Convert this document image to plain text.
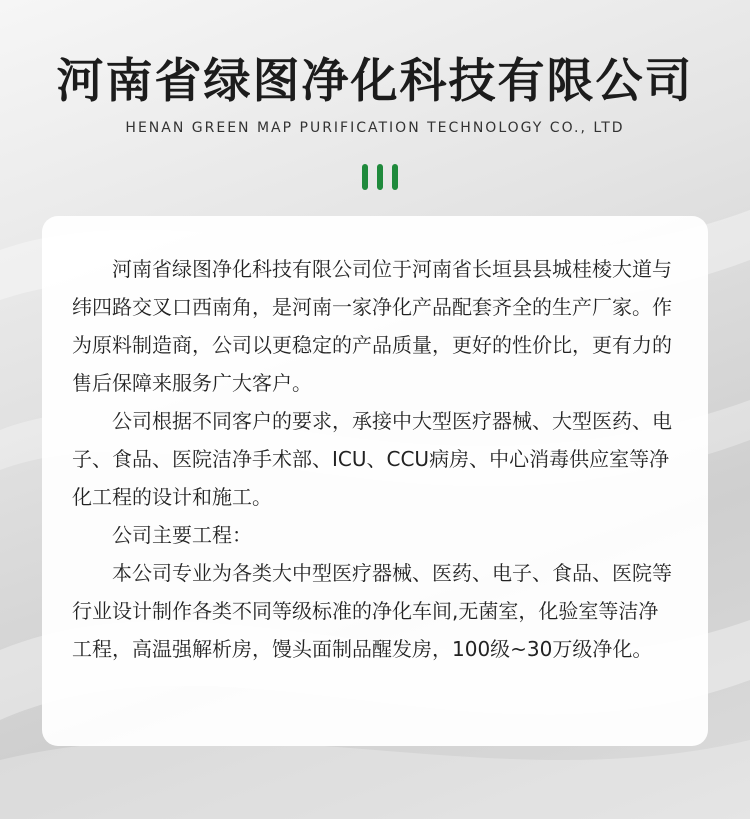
河南省绿图净化科技有限公司
HENAN GREEN MAP PURIFICATION TECHNOLOGY CO., LTD

河南省绿图净化科技有限公司位于河南省长垣县县城桂棱大道与纬四路交叉口西南角，是河南一家净化产品配套齐全的生产厂家。作为原料制造商，公司以更稳定的产品质量，更好的性价比，更有力的售后保障来服务广大客户。

公司根据不同客户的要求，承接中大型医疗器械、大型医药、电子、食品、医院洁净手术部、ICU、CCU病房、中心消毒供应室等净化工程的设计和施工。

公司主要工程：

本公司专业为各类大中型医疗器械、医药、电子、食品、医院等行业设计制作各类不同等级标准的净化车间,无菌室，化验室等洁净工程，高温强解析房，馒头面制品醒发房，100级~30万级净化。
